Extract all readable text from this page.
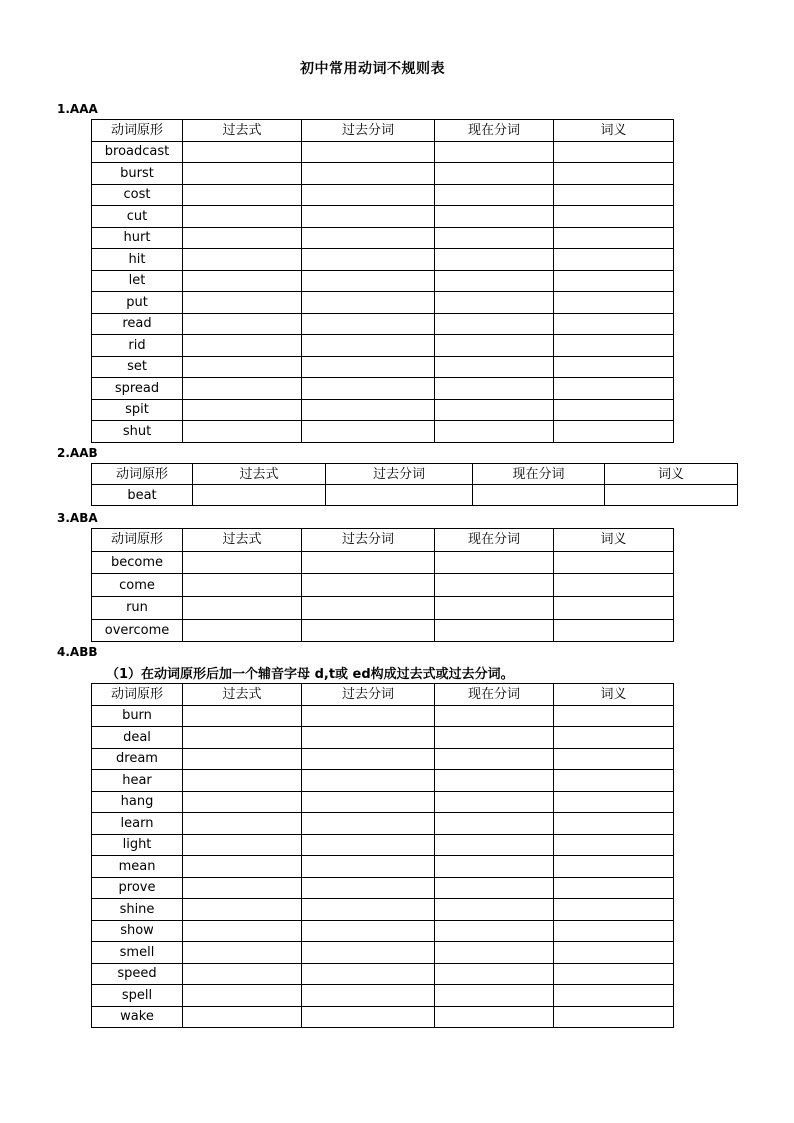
初中常用动词不规则表
1.AAA
动词原形	过去式	过去分词	现在分词	词义
broadcast				
burst				
cost				
cut				
hurt				
hit				
let				
put				
read				
rid				
set				
spread				
spit				
shut				
2.AAB
动词原形	过去式	过去分词	现在分词	词义
beat				
3.ABA
动词原形	过去式	过去分词	现在分词	词义
become				
come				
run				
overcome				
4.ABB
（1）在动词原形后加一个辅音字母 d,t或 ed构成过去式或过去分词。
动词原形	过去式	过去分词	现在分词	词义
burn				
deal				
dream				
hear				
hang				
learn				
light				
mean				
prove				
shine				
show				
smell				
speed				
spell				
wake				
